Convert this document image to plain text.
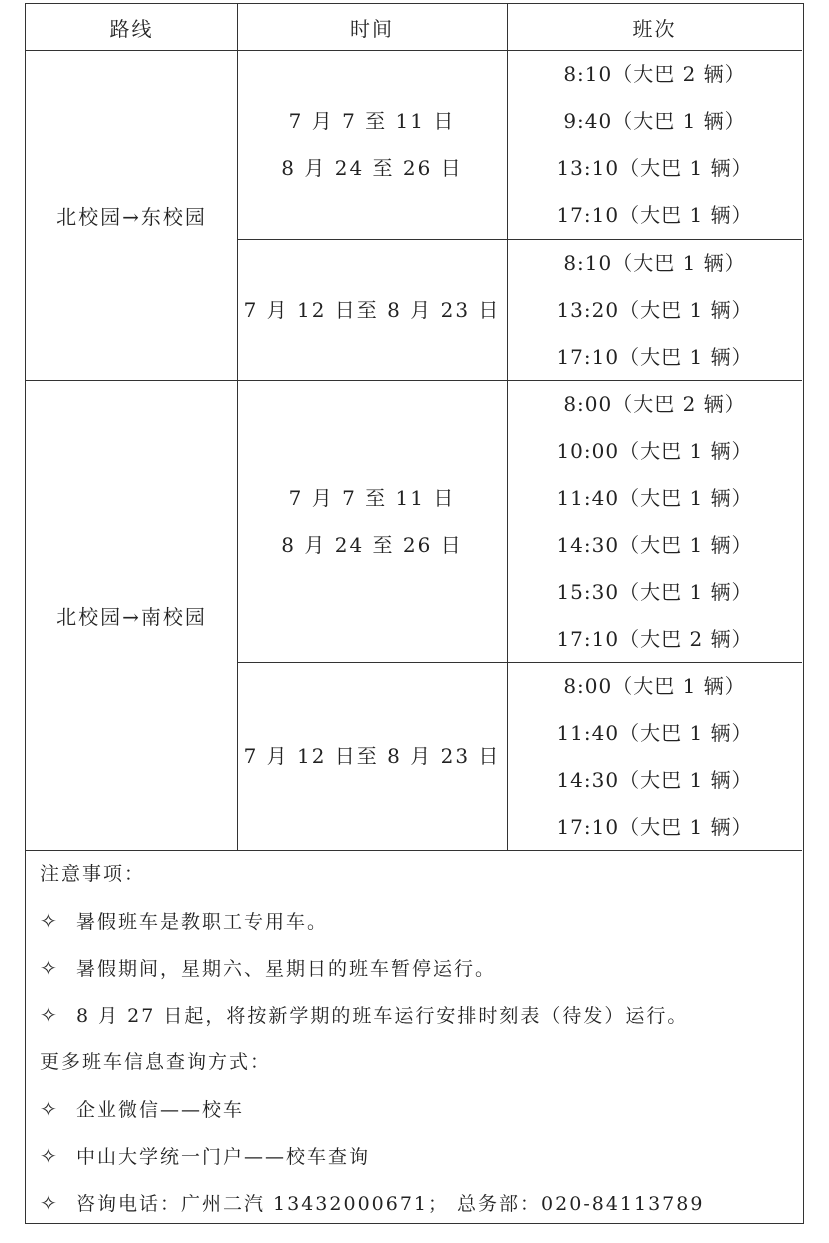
路线	时间	班次
北校园→东校园
7 月 7 至 11 日
8 月 24 至 26 日
8:10（大巴 2 辆）
9:40（大巴 1 辆）
13:10（大巴 1 辆）
17:10（大巴 1 辆）
7 月 12 日至 8 月 23 日
8:10（大巴 1 辆）
13:20（大巴 1 辆）
17:10（大巴 1 辆）
北校园→南校园
7 月 7 至 11 日
8 月 24 至 26 日
8:00（大巴 2 辆）
10:00（大巴 1 辆）
11:40（大巴 1 辆）
14:30（大巴 1 辆）
15:30（大巴 1 辆）
17:10（大巴 2 辆）
7 月 12 日至 8 月 23 日
8:00（大巴 1 辆）
11:40（大巴 1 辆）
14:30（大巴 1 辆）
17:10（大巴 1 辆）
注意事项：
✧ 暑假班车是教职工专用车。
✧ 暑假期间，星期六、星期日的班车暂停运行。
✧ 8 月 27 日起，将按新学期的班车运行安排时刻表（待发）运行。
更多班车信息查询方式：
✧ 企业微信——校车
✧ 中山大学统一门户——校车查询
✧ 咨询电话：广州二汽 13432000671； 总务部：020-84113789
